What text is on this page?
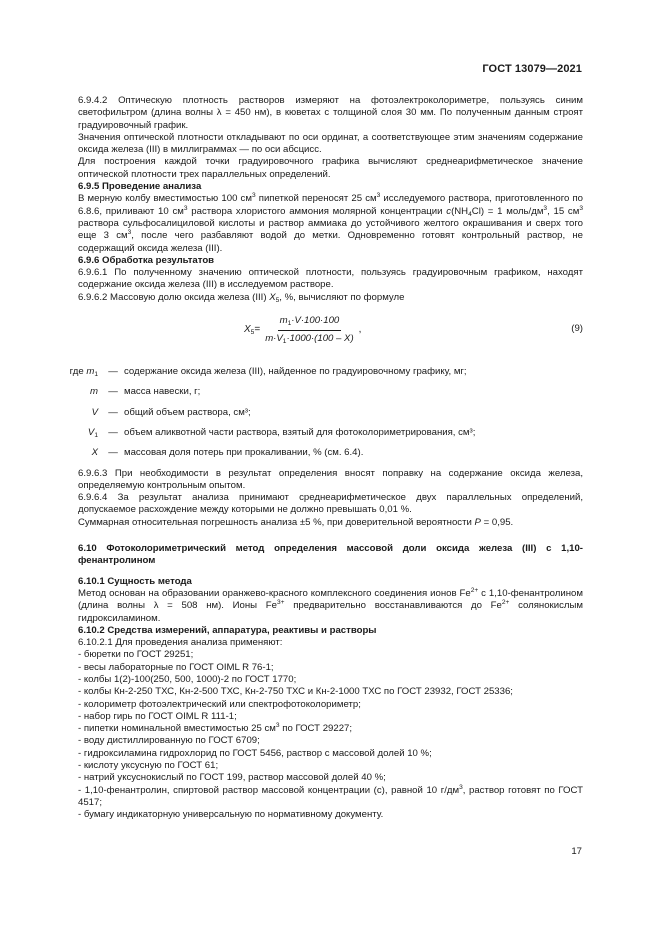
ГОСТ 13079—2021

6.9.4.2 Оптическую плотность растворов измеряют на фотоэлектроколориметре, пользуясь синим светофильтром (длина волны λ = 450 нм), в кюветах с толщиной слоя 30 мм. По полученным данным строят градуировочный график.

Значения оптической плотности откладывают по оси ординат, а соответствующее этим значениям содержание оксида железа (III) в миллиграммах — по оси абсцисс.

Для построения каждой точки градуировочного графика вычисляют среднеарифметическое значение оптической плотности трех параллельных определений.

6.9.5 Проведение анализа

В мерную колбу вместимостью 100 $см^3$ пипеткой переносят 25 $см^3$ исследуемого раствора, приготовленного по 6.8.6, приливают 10 $см^3$ раствора хлористого аммония молярной концентрации $c(NH_4Cl) = 1$ моль/$дм^3$, 15 $см^3$ раствора сульфосалициловой кислоты и раствор аммиака до устойчивого желтого окрашивания и сверх того еще 3 $см^3$, после чего разбавляют водой до метки. Одновременно готовят контрольный раствор, не содержащий оксида железа (III).

6.9.6 Обработка результатов

6.9.6.1 По полученному значению оптической плотности, пользуясь градуировочным графиком, находят содержание оксида железа (III) в исследуемом растворе.

6.9.6.2 Массовую долю оксида железа (III) $X_5$, %, вычисляют по формуле

$X_5 = \frac{m_1\cdot V\cdot 100\cdot 100}{m\cdot V_1\cdot 1000\cdot(100 - X)}$ ,	(9)
где $m_1$	— содержание оксида железа (III), найденное по градуировочному графику, мг;
m	— масса навески, г;
V	— общий объем раствора, см³;
$V_1$	— объем аликвотной части раствора, взятый для фотоколориметрирования, см³;
X	— массовая доля потерь при прокаливании, % (см. 6.4).

6.9.6.3 При необходимости в результат определения вносят поправку на содержание оксида железа, определяемую контрольным опытом.

6.9.6.4 За результат анализа принимают среднеарифметическое двух параллельных определений, допускаемое расхождение между которыми не должно превышать 0,01 %.

Суммарная относительная погрешность анализа ±5 %, при доверительной вероятности P = 0,95.

6.10 Фотоколориметрический метод определения массовой доли оксида железа (III) с 1,10-фенантролином

6.10.1 Сущность метода

Метод основан на образовании оранжево-красного комплексного соединения ионов $Fe^{2+}$ с 1,10-фенантролином (длина волны λ = 508 нм). Ионы $Fe^{3+}$ предварительно восстанавливаются до $Fe^{2+}$ солянокислым гидроксиламином.

6.10.2 Средства измерений, аппаратура, реактивы и растворы

6.10.2.1 Для проведения анализа применяют:

- бюретки по ГОСТ 29251;

- весы лабораторные по ГОСТ OIML R 76-1;

- колбы 1(2)-100(250, 500, 1000)-2 по ГОСТ 1770;

- колбы Кн-2-250 ТХС, Кн-2-500 ТХС, Кн-2-750 ТХС и Кн-2-1000 ТХС по ГОСТ 23932, ГОСТ 25336;

- колориметр фотоэлектрический или спектрофотоколориметр;

- набор гирь по ГОСТ OIML R 111-1;

- пипетки номинальной вместимостью 25 $см^3$ по ГОСТ 29227;

- воду дистиллированную по ГОСТ 6709;

- гидроксиламина гидрохлорид по ГОСТ 5456, раствор с массовой долей 10 %;

- кислоту уксусную по ГОСТ 61;

- натрий уксуснокислый по ГОСТ 199, раствор массовой долей 40 %;

- 1,10-фенантролин, спиртовой раствор массовой концентрации (с), равной 10 $г/дм^3$, раствор готовят по ГОСТ 4517;

- бумагу индикаторную универсальную по нормативному документу.

17
